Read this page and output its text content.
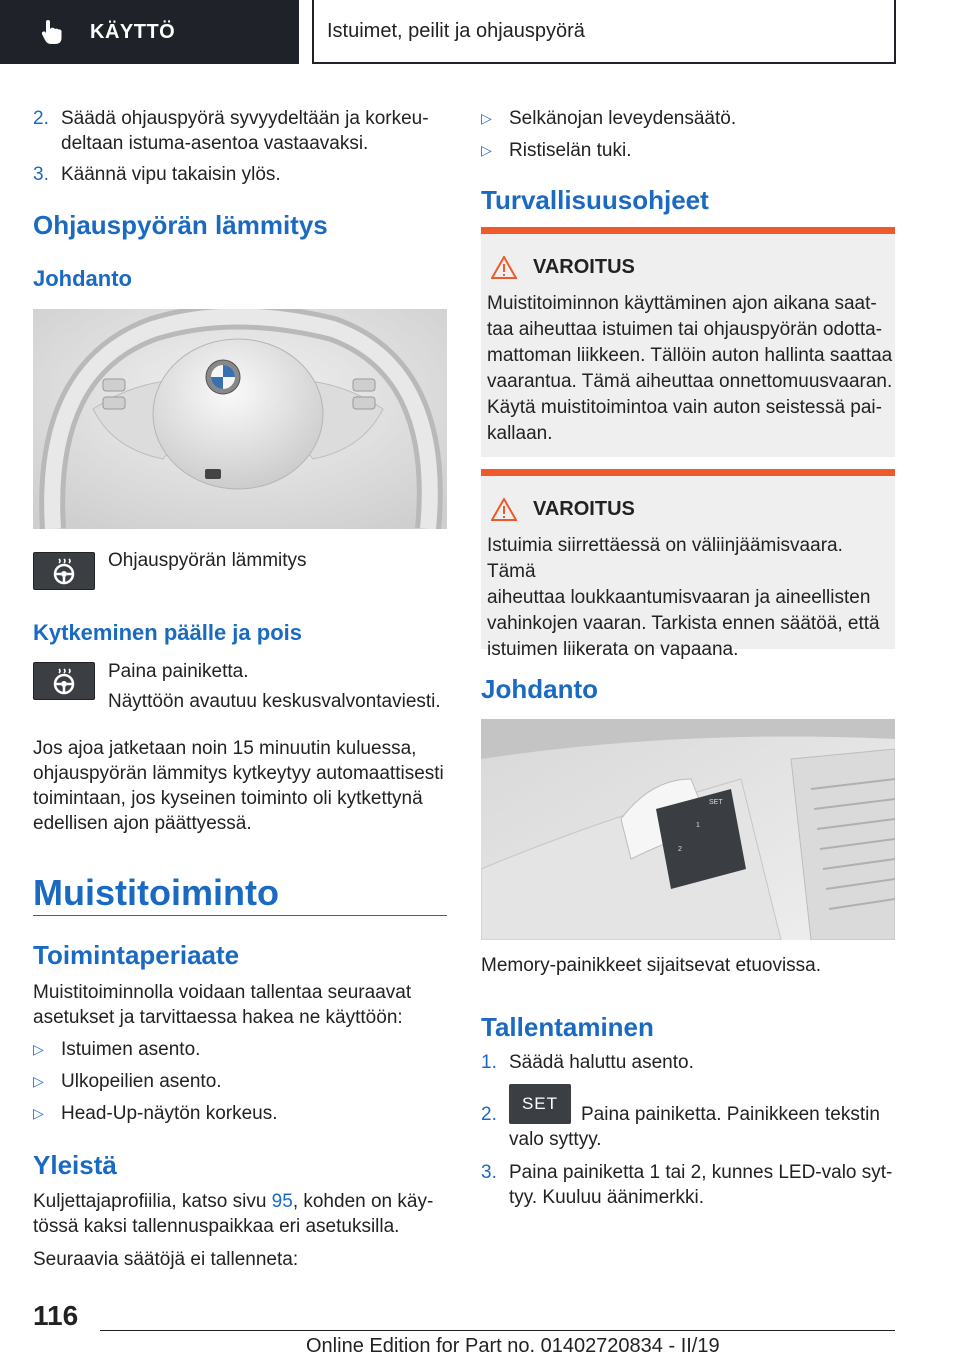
KÄYTTÖ	Istuimet, peilit ja ohjauspyörä
2. Säädä ohjauspyörä syvyydeltään ja korkeu-
deltaan istuma-asentoa vastaavaksi.
3. Käännä vipu takaisin ylös.
Ohjauspyörän lämmitys
Johdanto

Ohjauspyörän lämmitys

Kytkeminen päälle ja pois

Paina painiketta.

Näyttöön avautuu keskusvalvontaviesti.

Jos ajoa jatketaan noin 15 minuutin kuluessa,

ohjauspyörän lämmitys kytkeytyy automaattisesti

toimintaan, jos kyseinen toiminto oli kytkettynä

edellisen ajon päättyessä.

Muistitoiminto
Toimintaperiaate

Muistitoiminnolla voidaan tallentaa seuraavat

asetukset ja tarvittaessa hakea ne käyttöön:

▷ Istuimen asento.
▷ Ulkopeilien asento.
▷ Head-Up-näytön korkeus.
Yleistä

Kuljettajaprofiilia, katso sivu 95, kohden on käy-

tössä kaksi tallennuspaikkaa eri asetuksilla.

Seuraavia säätöjä ei tallenneta:

▷ Selkänojan leveydensäätö.
▷ Ristiselän tuki.
Turvallisuusohjeet
VAROITUS
Muistitoiminnon käyttäminen ajon aikana saat-
taa aiheuttaa istuimen tai ohjauspyörän odotta-
mattoman liikkeen. Tällöin auton hallinta saattaa
vaarantua. Tämä aiheuttaa onnettomuusvaaran.
Käytä muistitoimintoa vain auton seistessä pai-
kallaan.
VAROITUS
Istuimia siirrettäessä on väliinjäämisvaara. Tämä
aiheuttaa loukkaantumisvaaran ja aineellisten
vahinkojen vaaran. Tarkista ennen säätöä, että
istuimen liikerata on vapaana.
Johdanto
SET
1
2

Memory-painikkeet sijaitsevat etuovissa.

Tallentaminen
1. Säädä haluttu asento.
2.	Paina painiketta. Painikkeen tekstin
valo syttyy.
SET
3. Paina painiketta 1 tai 2, kunnes LED-valo syt-
tyy. Kuuluu äänimerkki.
116
Online Edition for Part no. 01402720834 - II/19
